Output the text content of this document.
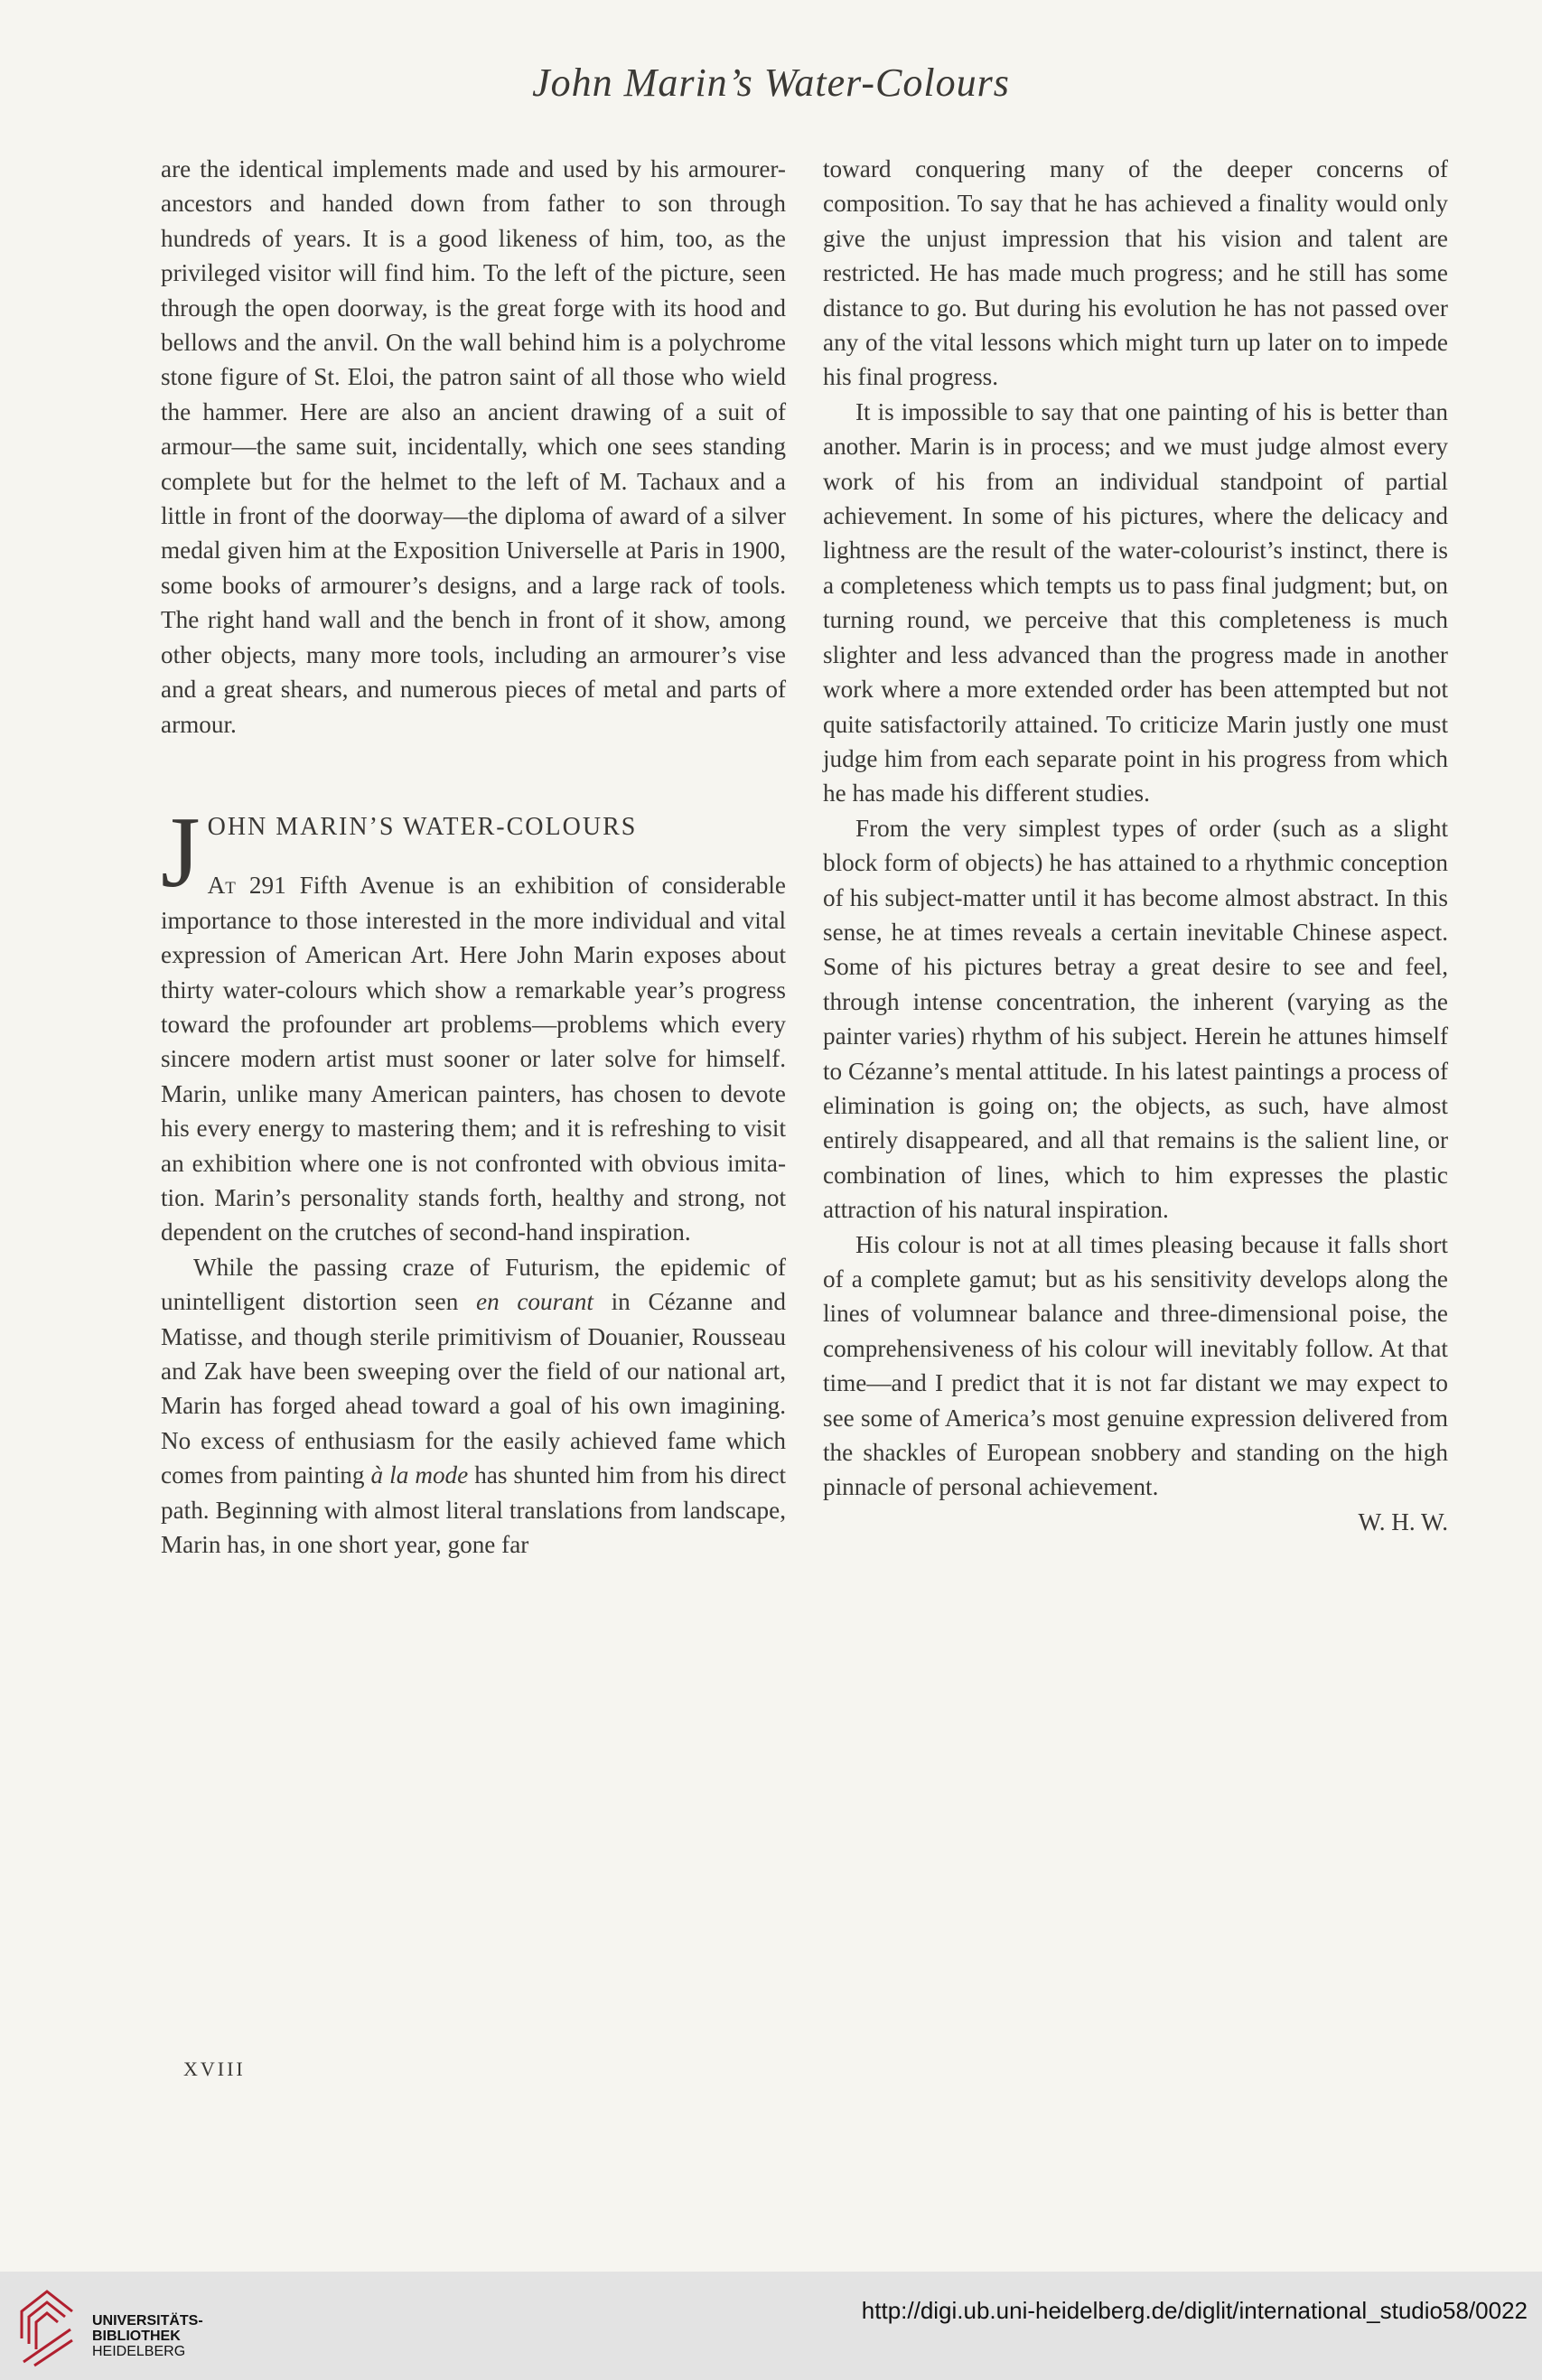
John Marin’s Water-Colours

are the identical implements made and used by his armourer-ancestors and handed down from father to son through hundreds of years. It is a good likeness of him, too, as the privileged visitor will find him. To the left of the picture, seen through the open doorway, is the great forge with its hood and bellows and the anvil. On the wall behind him is a polychrome stone figure of St. Eloi, the patron saint of all those who wield the hammer. Here are also an ancient drawing of a suit of armour—the same suit, incidentally, which one sees standing complete but for the helmet to the left of M. Tachaux and a little in front of the doorway—the diploma of award of a silver medal given him at the Exposition Universelle at Paris in 1900, some books of armourer’s designs, and a large rack of tools. The right hand wall and the bench in front of it show, among other objects, many more tools, including an armourer’s vise and a great shears, and numerous pieces of metal and parts of armour.

J OHN MARIN’S WATER-COLOURS

At 291 Fifth Avenue is an exhibition of considerable importance to those interested in the more individual and vital expression of American Art. Here John Marin exposes about thirty water-colours which show a remarkable year’s progress toward the profounder art problems—problems which every sincere modern artist must sooner or later solve for himself. Marin, unlike many American painters, has chosen to devote his every energy to mastering them; and it is refreshing to visit an exhibition where one is not confronted with obvious imitation. Marin’s personality stands forth, healthy and strong, not dependent on the crutches of second-hand inspiration.

While the passing craze of Futurism, the epidemic of unintelligent distortion seen en courant in Cézanne and Matisse, and though sterile primitivism of Douanier, Rousseau and Zak have been sweeping over the field of our national art, Marin has forged ahead toward a goal of his own imagining. No excess of enthusiasm for the easily achieved fame which comes from painting à la mode has shunted him from his direct path. Beginning with almost literal translations from landscape, Marin has, in one short year, gone far

toward conquering many of the deeper concerns of composition. To say that he has achieved a finality would only give the unjust impression that his vision and talent are restricted. He has made much progress; and he still has some distance to go. But during his evolution he has not passed over any of the vital lessons which might turn up later on to impede his final progress.

It is impossible to say that one painting of his is better than another. Marin is in process; and we must judge almost every work of his from an individual standpoint of partial achievement. In some of his pictures, where the delicacy and lightness are the result of the water-colourist’s instinct, there is a completeness which tempts us to pass final judgment; but, on turning round, we perceive that this completeness is much slighter and less advanced than the progress made in another work where a more extended order has been attempted but not quite satisfactorily attained. To criticize Marin justly one must judge him from each separate point in his progress from which he has made his different studies.

From the very simplest types of order (such as a slight block form of objects) he has attained to a rhythmic conception of his subject-matter until it has become almost abstract. In this sense, he at times reveals a certain inevitable Chinese aspect. Some of his pictures betray a great desire to see and feel, through intense concentration, the inherent (varying as the painter varies) rhythm of his subject. Herein he attunes himself to Cézanne’s mental attitude. In his latest paintings a process of elimination is going on; the objects, as such, have almost entirely disappeared, and all that remains is the salient line, or combination of lines, which to him expresses the plastic attraction of his natural inspiration.

His colour is not at all times pleasing because it falls short of a complete gamut; but as his sensitivity develops along the lines of volumnear balance and three-dimensional poise, the comprehensiveness of his colour will inevitably follow. At that time—and I predict that it is not far distant we may expect to see some of America’s most genuine expression delivered from the shackles of European snobbery and standing on the high pinnacle of personal achievement.

W. H. W.

XVIII
UNIVERSITÄTS-
BIBLIOTHEK
HEIDELBERG
http://digi.ub.uni-heidelberg.de/diglit/international_studio58/0022
